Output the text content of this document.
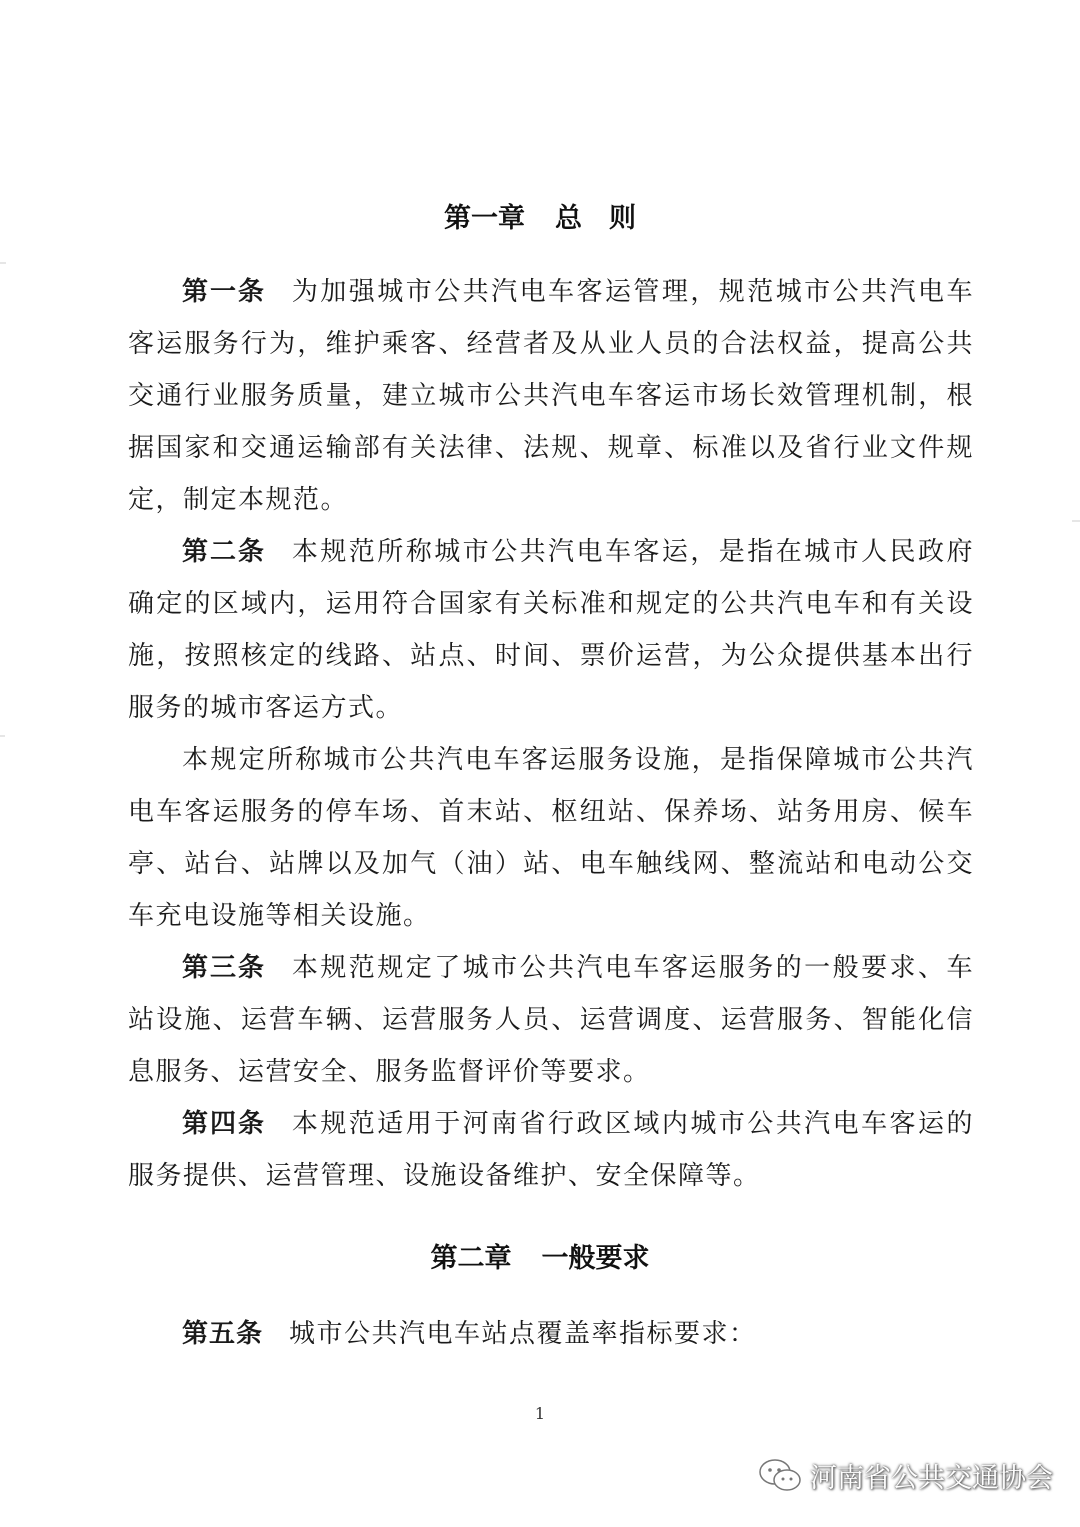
第一章 总　则
第一条 为加强城市公共汽电车客运管理，规范城市公共汽电车客运服务行为，维护乘客、经营者及从业人员的合法权益，提高公共交通行业服务质量，建立城市公共汽电车客运市场长效管理机制，根据国家和交通运输部有关法律、法规、规章、标准以及省行业文件规定，制定本规范。
第二条 本规范所称城市公共汽电车客运，是指在城市人民政府确定的区域内，运用符合国家有关标准和规定的公共汽电车和有关设施，按照核定的线路、站点、时间、票价运营，为公众提供基本出行服务的城市客运方式。
本规定所称城市公共汽电车客运服务设施，是指保障城市公共汽电车客运服务的停车场、首末站、枢纽站、保养场、站务用房、候车亭、站台、站牌以及加气（油）站、电车触线网、整流站和电动公交车充电设施等相关设施。
第三条 本规范规定了城市公共汽电车客运服务的一般要求、车站设施、运营车辆、运营服务人员、运营调度、运营服务、智能化信息服务、运营安全、服务监督评价等要求。
第四条 本规范适用于河南省行政区域内城市公共汽电车客运的服务提供、运营管理、设施设备维护、安全保障等。
第二章 一般要求
第五条 城市公共汽电车站点覆盖率指标要求：
1
河南省公共交通协会
